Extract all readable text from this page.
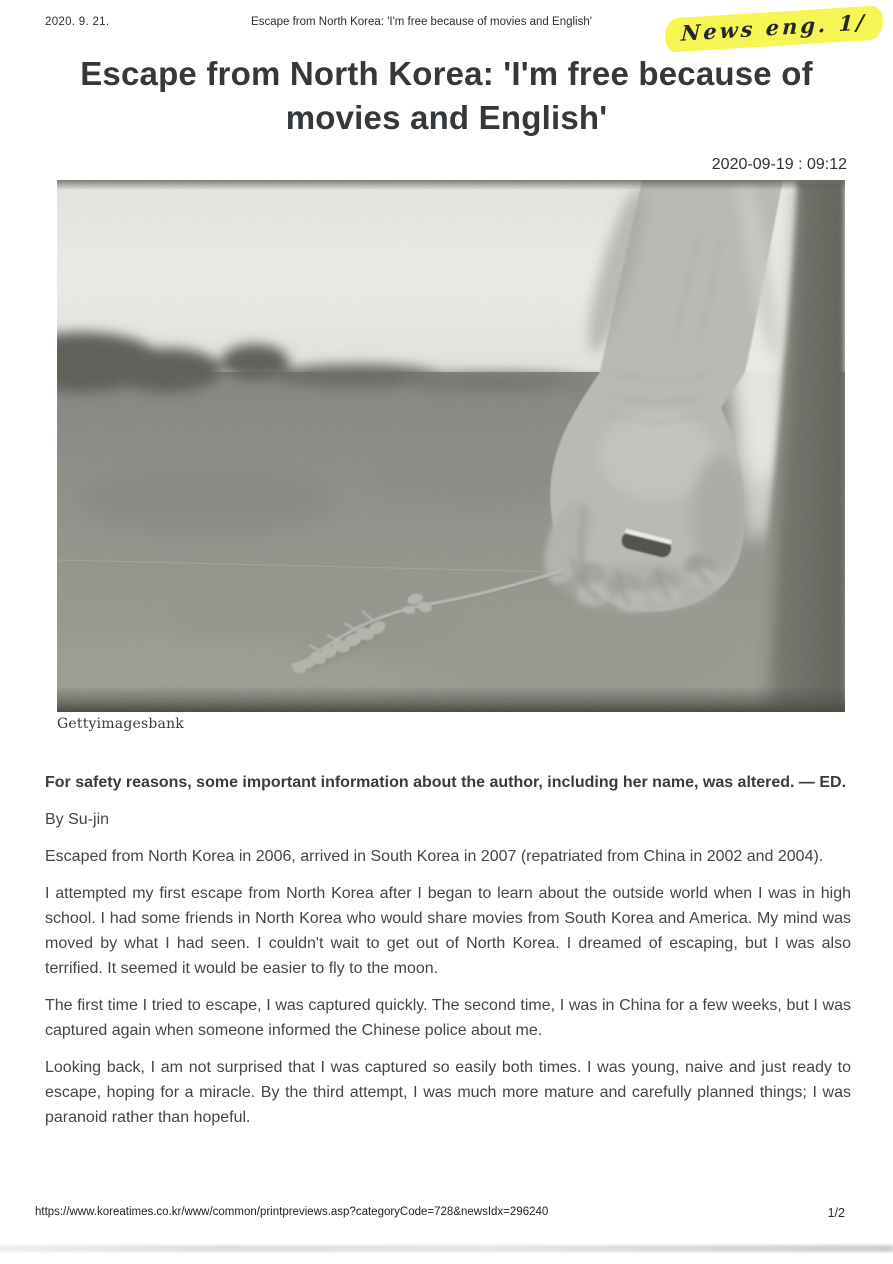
2020. 9. 21.	Escape from North Korea: 'I'm free because of movies and English'	News eng. 1/
Escape from North Korea: 'I'm free because of movies and English'
2020-09-19 : 09:12
Gettyimagesbank

For safety reasons, some important information about the author, including her name, was altered. — ED.

By Su-jin

Escaped from North Korea in 2006, arrived in South Korea in 2007 (repatriated from China in 2002 and 2004).

I attempted my first escape from North Korea after I began to learn about the outside world when I was in high school. I had some friends in North Korea who would share movies from South Korea and America. My mind was moved by what I had seen. I couldn't wait to get out of North Korea. I dreamed of escaping, but I was also terrified. It seemed it would be easier to fly to the moon.

The first time I tried to escape, I was captured quickly. The second time, I was in China for a few weeks, but I was captured again when someone informed the Chinese police about me.

Looking back, I am not surprised that I was captured so easily both times. I was young, naive and just ready to escape, hoping for a miracle. By the third attempt, I was much more mature and carefully planned things; I was paranoid rather than hopeful.

https://www.koreatimes.co.kr/www/common/printpreviews.asp?categoryCode=728&newsIdx=296240	1/2
